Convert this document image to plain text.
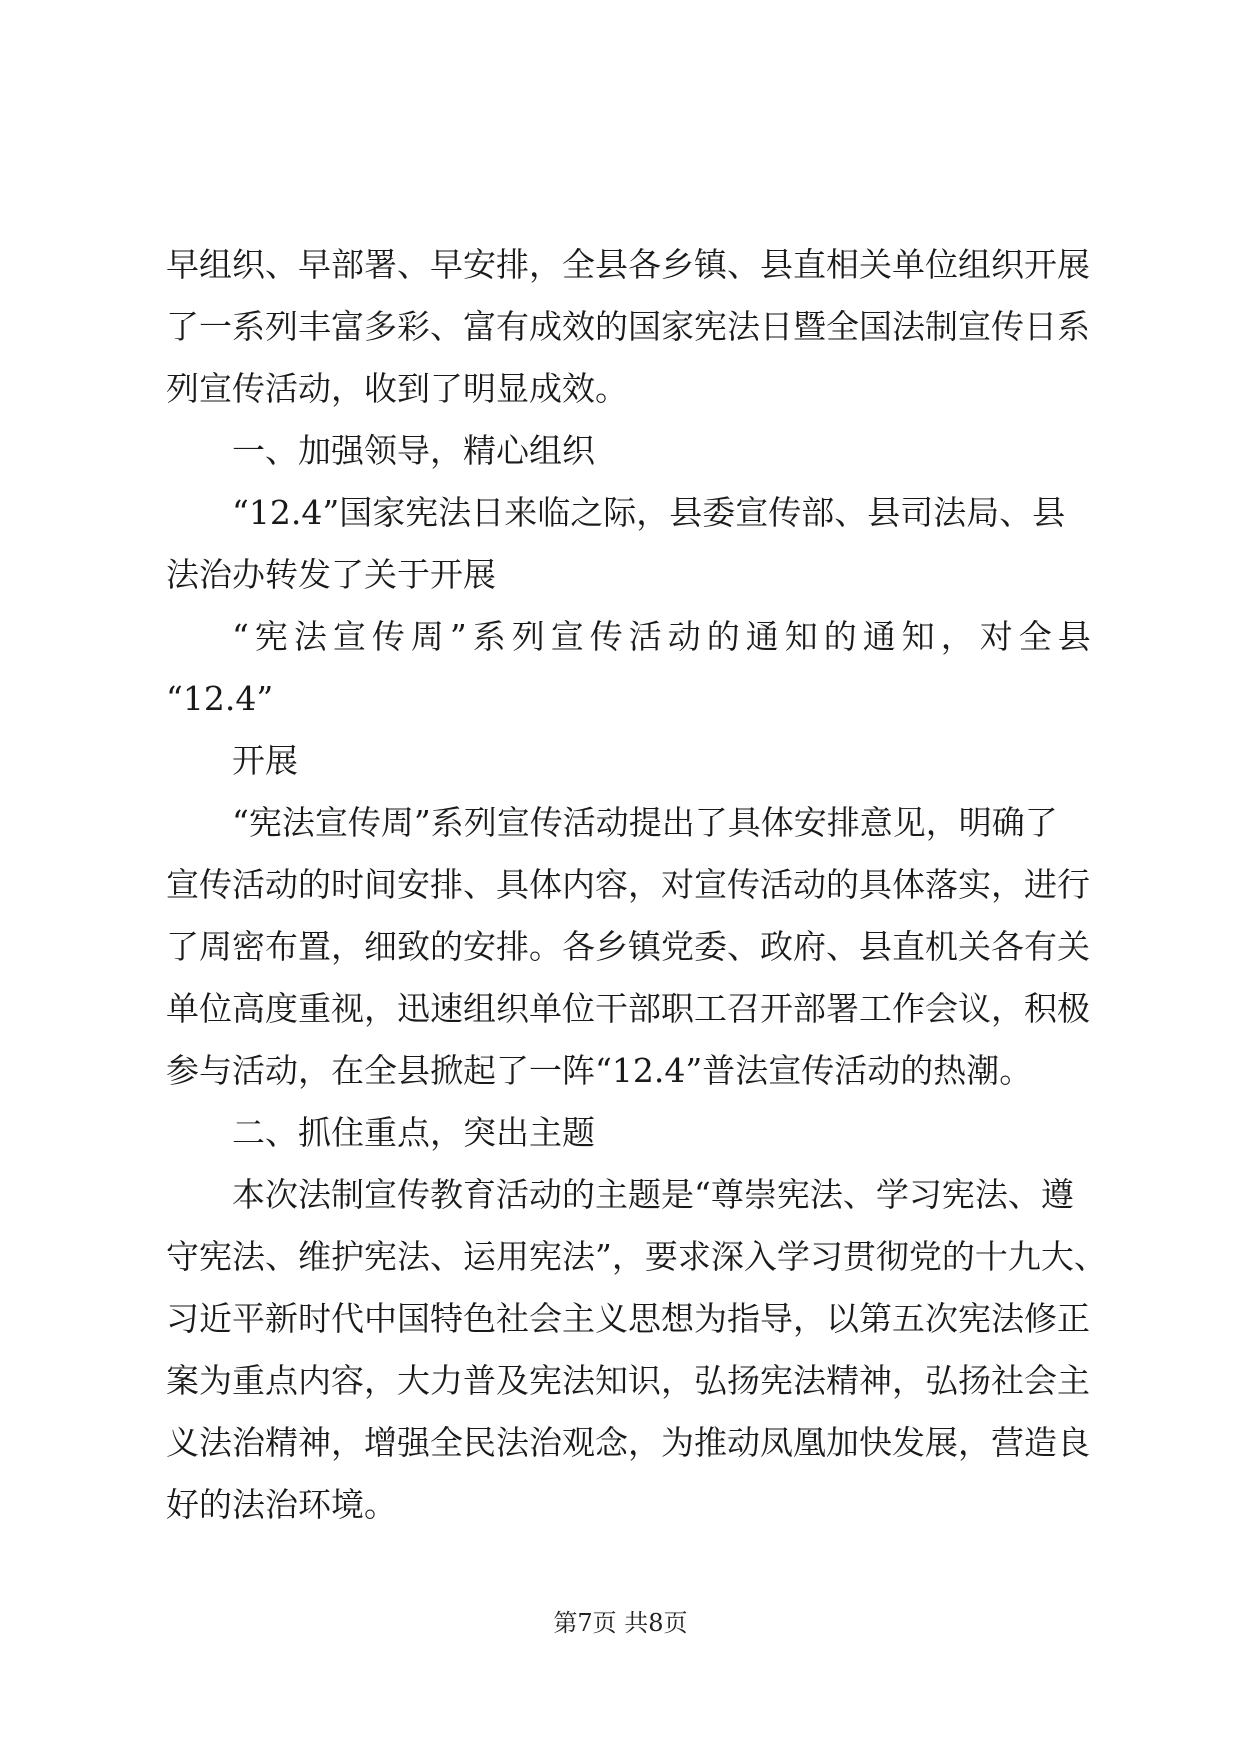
早组织、早部署、早安排，全县各乡镇、县直相关单位组织开展
了一系列丰富多彩、富有成效的国家宪法日暨全国法制宣传日系
列宣传活动，收到了明显成效。
一、加强领导，精心组织
“12.4”国家宪法日来临之际，县委宣传部、县司法局、县
法治办转发了关于开展
“宪法宣传周”系列宣传活动的通知的通知，对全县
“12.4”
开展
“宪法宣传周”系列宣传活动提出了具体安排意见，明确了
宣传活动的时间安排、具体内容，对宣传活动的具体落实，进行
了周密布置，细致的安排。各乡镇党委、政府、县直机关各有关
单位高度重视，迅速组织单位干部职工召开部署工作会议，积极
参与活动，在全县掀起了一阵“12.4”普法宣传活动的热潮。
二、抓住重点，突出主题
本次法制宣传教育活动的主题是“尊崇宪法、学习宪法、遵
守宪法、维护宪法、运用宪法”，要求深入学习贯彻党的十九大、
习近平新时代中国特色社会主义思想为指导，以第五次宪法修正
案为重点内容，大力普及宪法知识，弘扬宪法精神，弘扬社会主
义法治精神，增强全民法治观念，为推动凤凰加快发展，营造良
好的法治环境。
第7页 共8页
